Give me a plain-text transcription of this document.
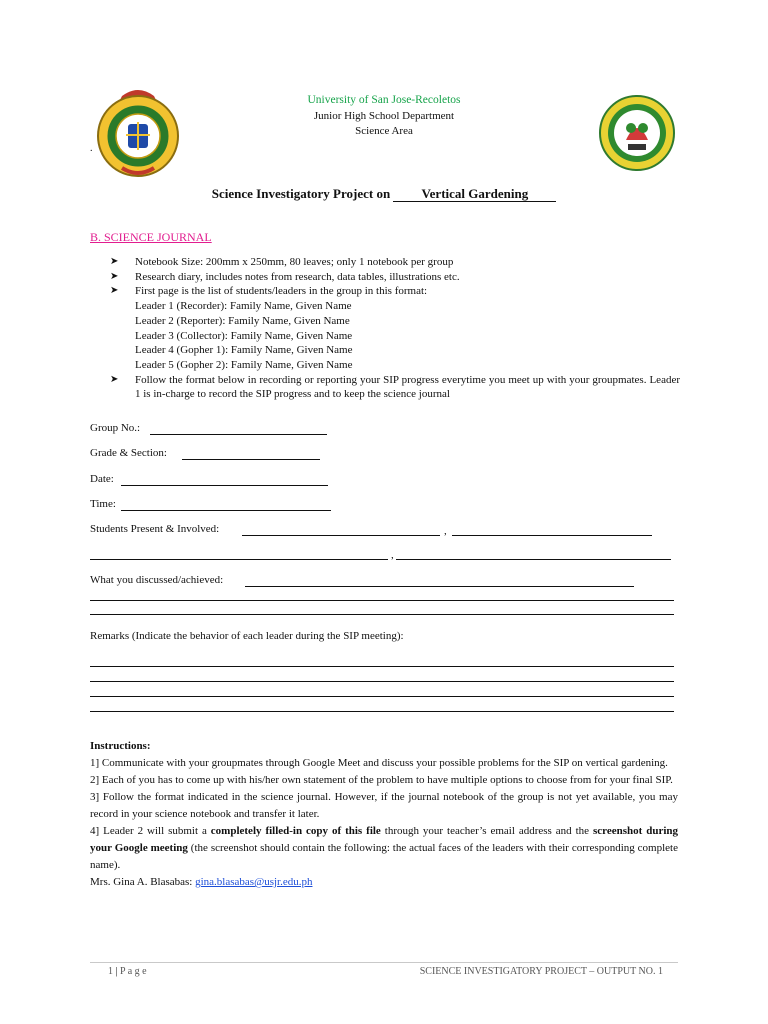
University of San Jose-Recoletos
Junior High School Department
Science Area
.
Science Investigatory Project on Vertical Gardening
B. SCIENCE JOURNAL
➤ Notebook Size: 200mm x 250mm, 80 leaves; only 1 notebook per group
➤ Research diary, includes notes from research, data tables, illustrations etc.
➤ First page is the list of students/leaders in the group in this format:
Leader 1 (Recorder): Family Name, Given Name
Leader 2 (Reporter): Family Name, Given Name
Leader 3 (Collector): Family Name, Given Name
Leader 4 (Gopher 1): Family Name, Given Name
Leader 5 (Gopher 2): Family Name, Given Name
➤ Follow the format below in recording or reporting your SIP progress everytime you meet up with your groupmates. Leader 1 is in-charge to record the SIP progress and to keep the science journal
Group No.:
Grade & Section:
Date:
Time:
Students Present & Involved:	,
,
What you discussed/achieved:
Remarks (Indicate the behavior of each leader during the SIP meeting):

Instructions:

1] Communicate with your groupmates through Google Meet and discuss your possible problems for the SIP on vertical gardening.

2] Each of you has to come up with his/her own statement of the problem to have multiple options to choose from for your final SIP.

3] Follow the format indicated in the science journal. However, if the journal notebook of the group is not yet available, you may record in your science notebook and transfer it later.

4] Leader 2 will submit a completely filled-in copy of this file through your teacher’s email address and the screenshot during your Google meeting (the screenshot should contain the following: the actual faces of the leaders with their corresponding complete name).

Mrs. Gina A. Blasabas: gina.blasabas@usjr.edu.ph

1 | P a g e	SCIENCE INVESTIGATORY PROJECT – OUTPUT NO. 1
